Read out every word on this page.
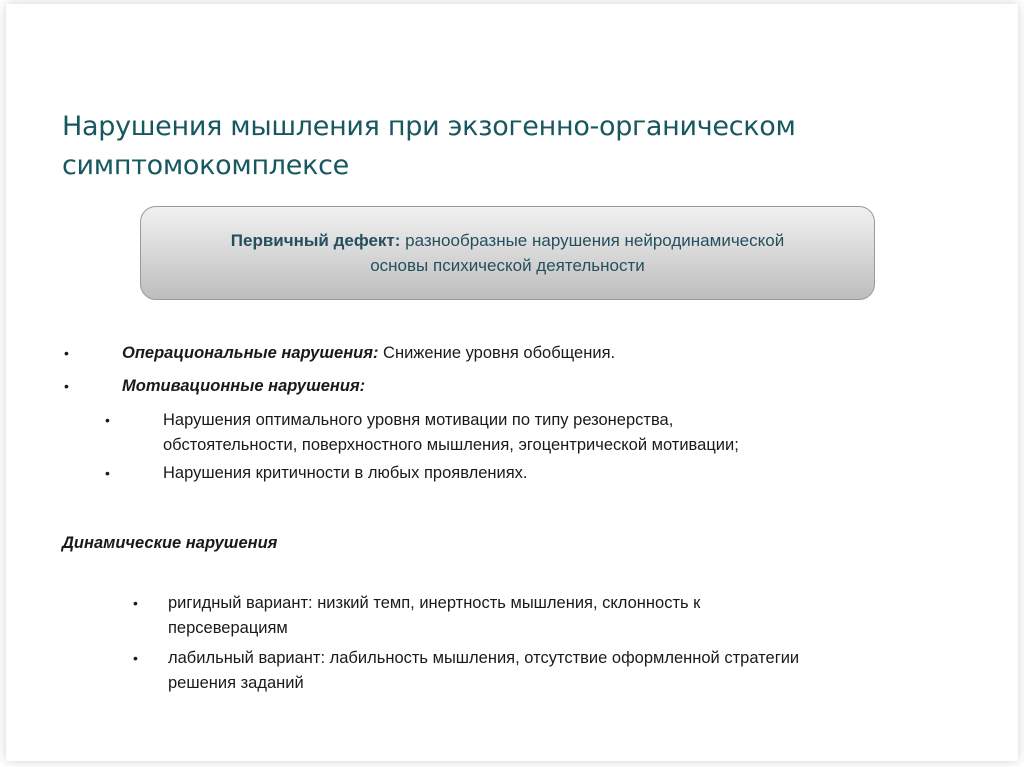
Нарушения мышления при экзогенно-органическом
симптомокомплексе
Первичный дефект: разнообразные нарушения нейродинамической
основы психической деятельности
•	Операциональные нарушения: Снижение уровня обобщения.
•	Мотивационные нарушения:
•	Нарушения оптимального уровня мотивации по типу резонерства,
обстоятельности, поверхностного мышления, эгоцентрической мотивации;
•	Нарушения критичности в любых проявлениях.
Динамические нарушения
• ригидный вариант: низкий темп, инертность мышления, склонность к
персеверациям
• лабильный вариант: лабильность мышления, отсутствие оформленной стратегии
решения заданий
